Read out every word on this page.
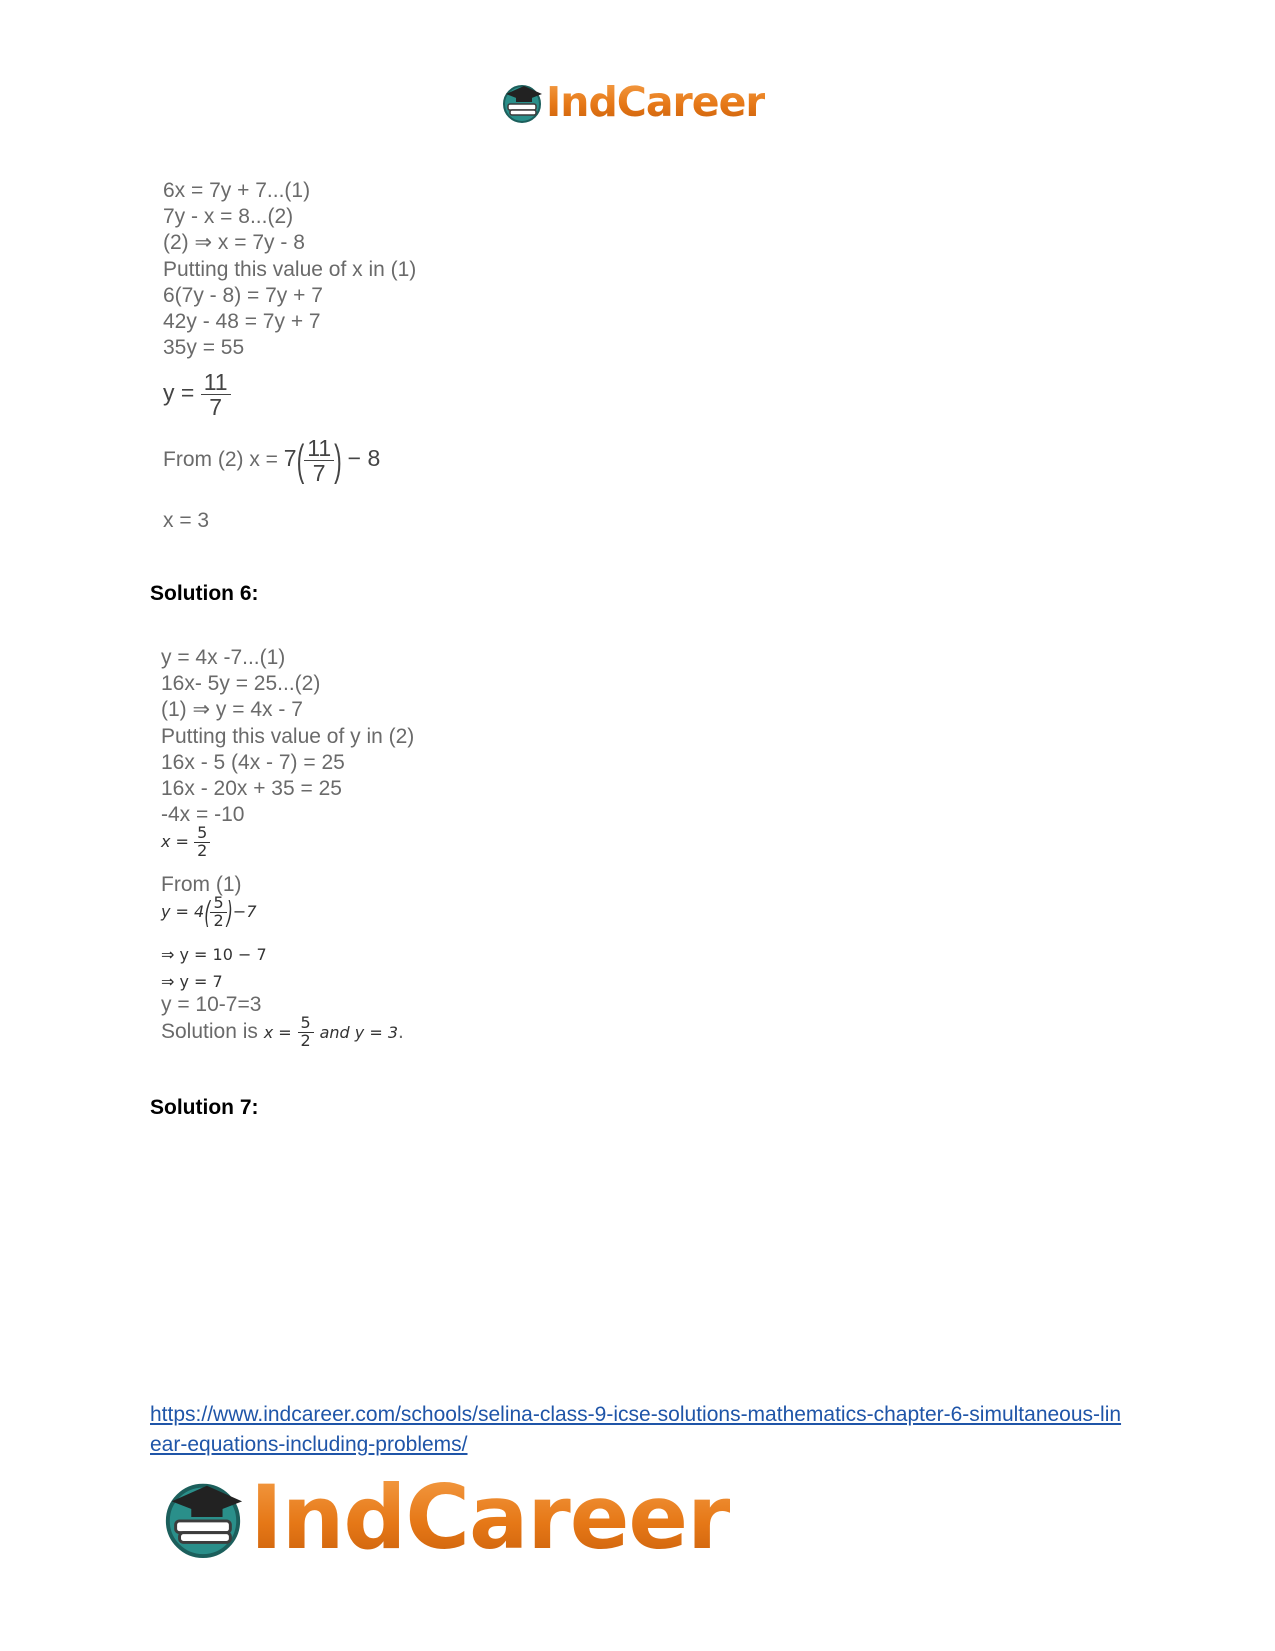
IndCareer
6x = 7y + 7...(1)
7y - x = 8...(2)
(2) ⇒ x = 7y - 8
Putting this value of x in (1)
6(7y - 8) = 7y + 7
42y - 48 = 7y + 7
35y = 55
$y = \frac{11}{7}$
From (2) $x = 7( \frac{11}{7}$ ) − 8
x = 3
Solution 6:
y = 4x -7...(1)
16x- 5y = 25...(2)
(1) ⇒ y = 4x - 7
Putting this value of y in (2)
16x - 5 (4x - 7) = 25
16x - 20x + 35 = 25
-4x = -10
$x = \frac{5}{2}$
From (1)
$y = 4( \frac{5}{2} )-7$
⇒ y = 10 − 7
⇒ y = 7
y = 10-7=3
Solution is $x = \frac{5}{2}$ and y = 3.
Solution 7:
https://www.indcareer.com/schools/selina-class-9-icse-solutions-mathematics-chapter-6-simultaneous-linear-equations-including-problems/
IndCareer
